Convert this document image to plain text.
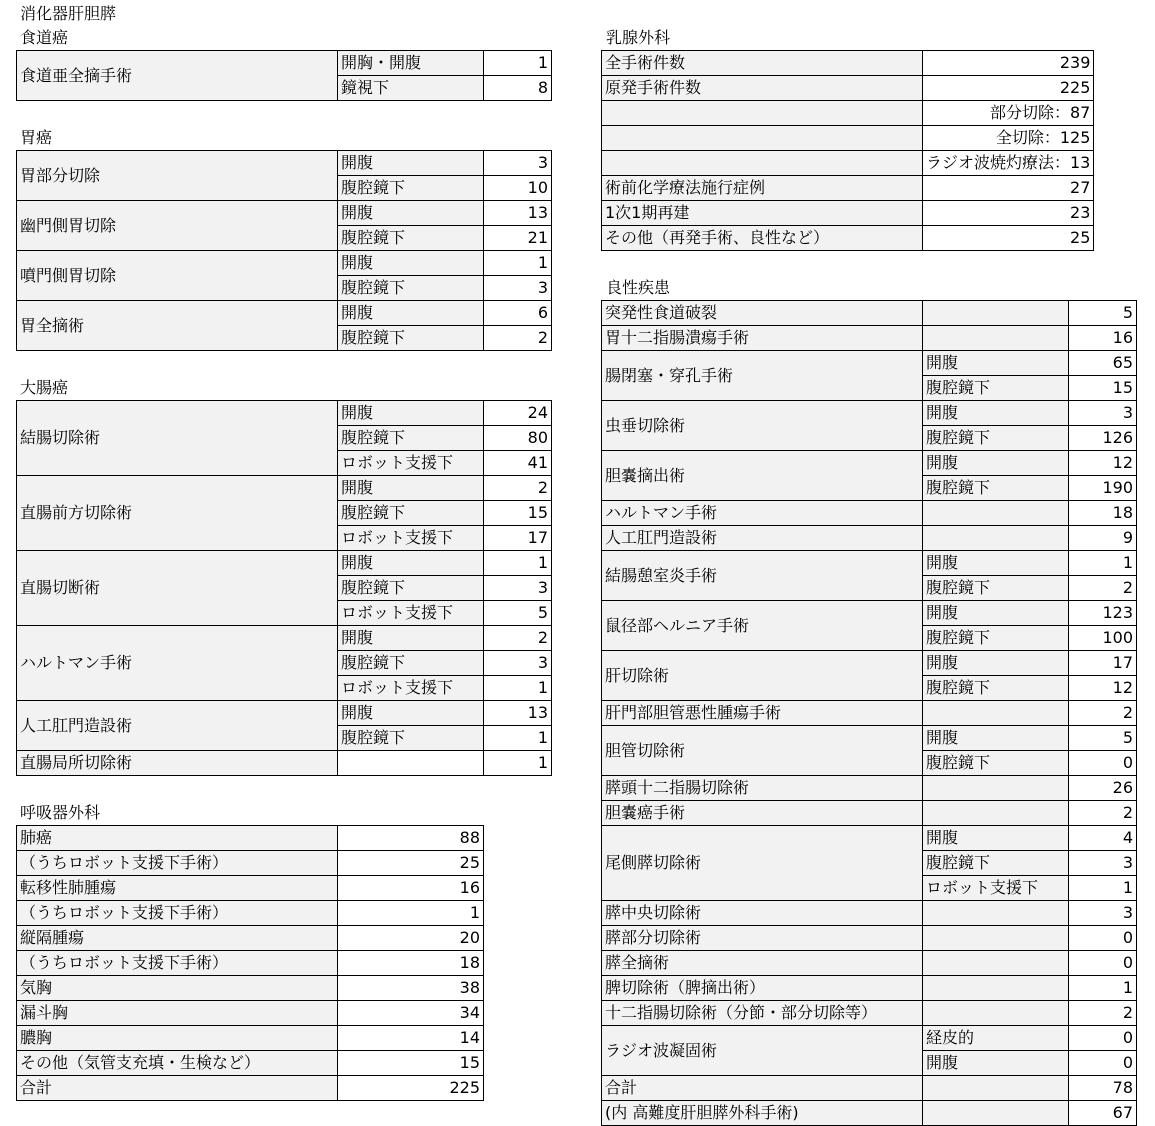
消化器肝胆膵
食道癌
胃癌
大腸癌
呼吸器外科
乳腺外科
良性疾患
食道亜全摘手術	開胸・開腹	1
	鏡視下	8
胃部分切除	開腹	3
	腹腔鏡下	10
幽門側胃切除	開腹	13
	腹腔鏡下	21
噴門側胃切除	開腹	1
	腹腔鏡下	3
胃全摘術	開腹	6
	腹腔鏡下	2
結腸切除術	開腹	24
	腹腔鏡下	80
	ロボット支援下	41
直腸前方切除術	開腹	2
	腹腔鏡下	15
	ロボット支援下	17
直腸切断術	開腹	1
	腹腔鏡下	3
	ロボット支援下	5
ハルトマン手術	開腹	2
	腹腔鏡下	3
	ロボット支援下	1
人工肛門造設術	開腹	13
	腹腔鏡下	1
直腸局所切除術		1
肺癌	88
（うちロボット支援下手術）	25
転移性肺腫瘍	16
（うちロボット支援下手術）	1
縦隔腫瘍	20
（うちロボット支援下手術）	18
気胸	38
漏斗胸	34
膿胸	14
その他（気管支充填・生検など）	15
合計	225
全手術件数	239
原発手術件数	225
	部分切除：87
	全切除：125
	ラジオ波焼灼療法：13
術前化学療法施行症例	27
1次1期再建	23
その他（再発手術、良性など）	25
突発性食道破裂		5
胃十二指腸潰瘍手術		16
腸閉塞・穿孔手術	開腹	65
	腹腔鏡下	15
虫垂切除術	開腹	3
	腹腔鏡下	126
胆嚢摘出術	開腹	12
	腹腔鏡下	190
ハルトマン手術		18
人工肛門造設術		9
結腸憩室炎手術	開腹	1
	腹腔鏡下	2
鼠径部ヘルニア手術	開腹	123
	腹腔鏡下	100
肝切除術	開腹	17
	腹腔鏡下	12
肝門部胆管悪性腫瘍手術		2
胆管切除術	開腹	5
	腹腔鏡下	0
膵頭十二指腸切除術		26
胆嚢癌手術		2
尾側膵切除術	開腹	4
	腹腔鏡下	3
	ロボット支援下	1
膵中央切除術		3
膵部分切除術		0
膵全摘術		0
脾切除術（脾摘出術）		1
十二指腸切除術（分節・部分切除等）		2
ラジオ波凝固術	経皮的	0
	開腹	0
合計		78
(内 高難度肝胆膵外科手術)		67
